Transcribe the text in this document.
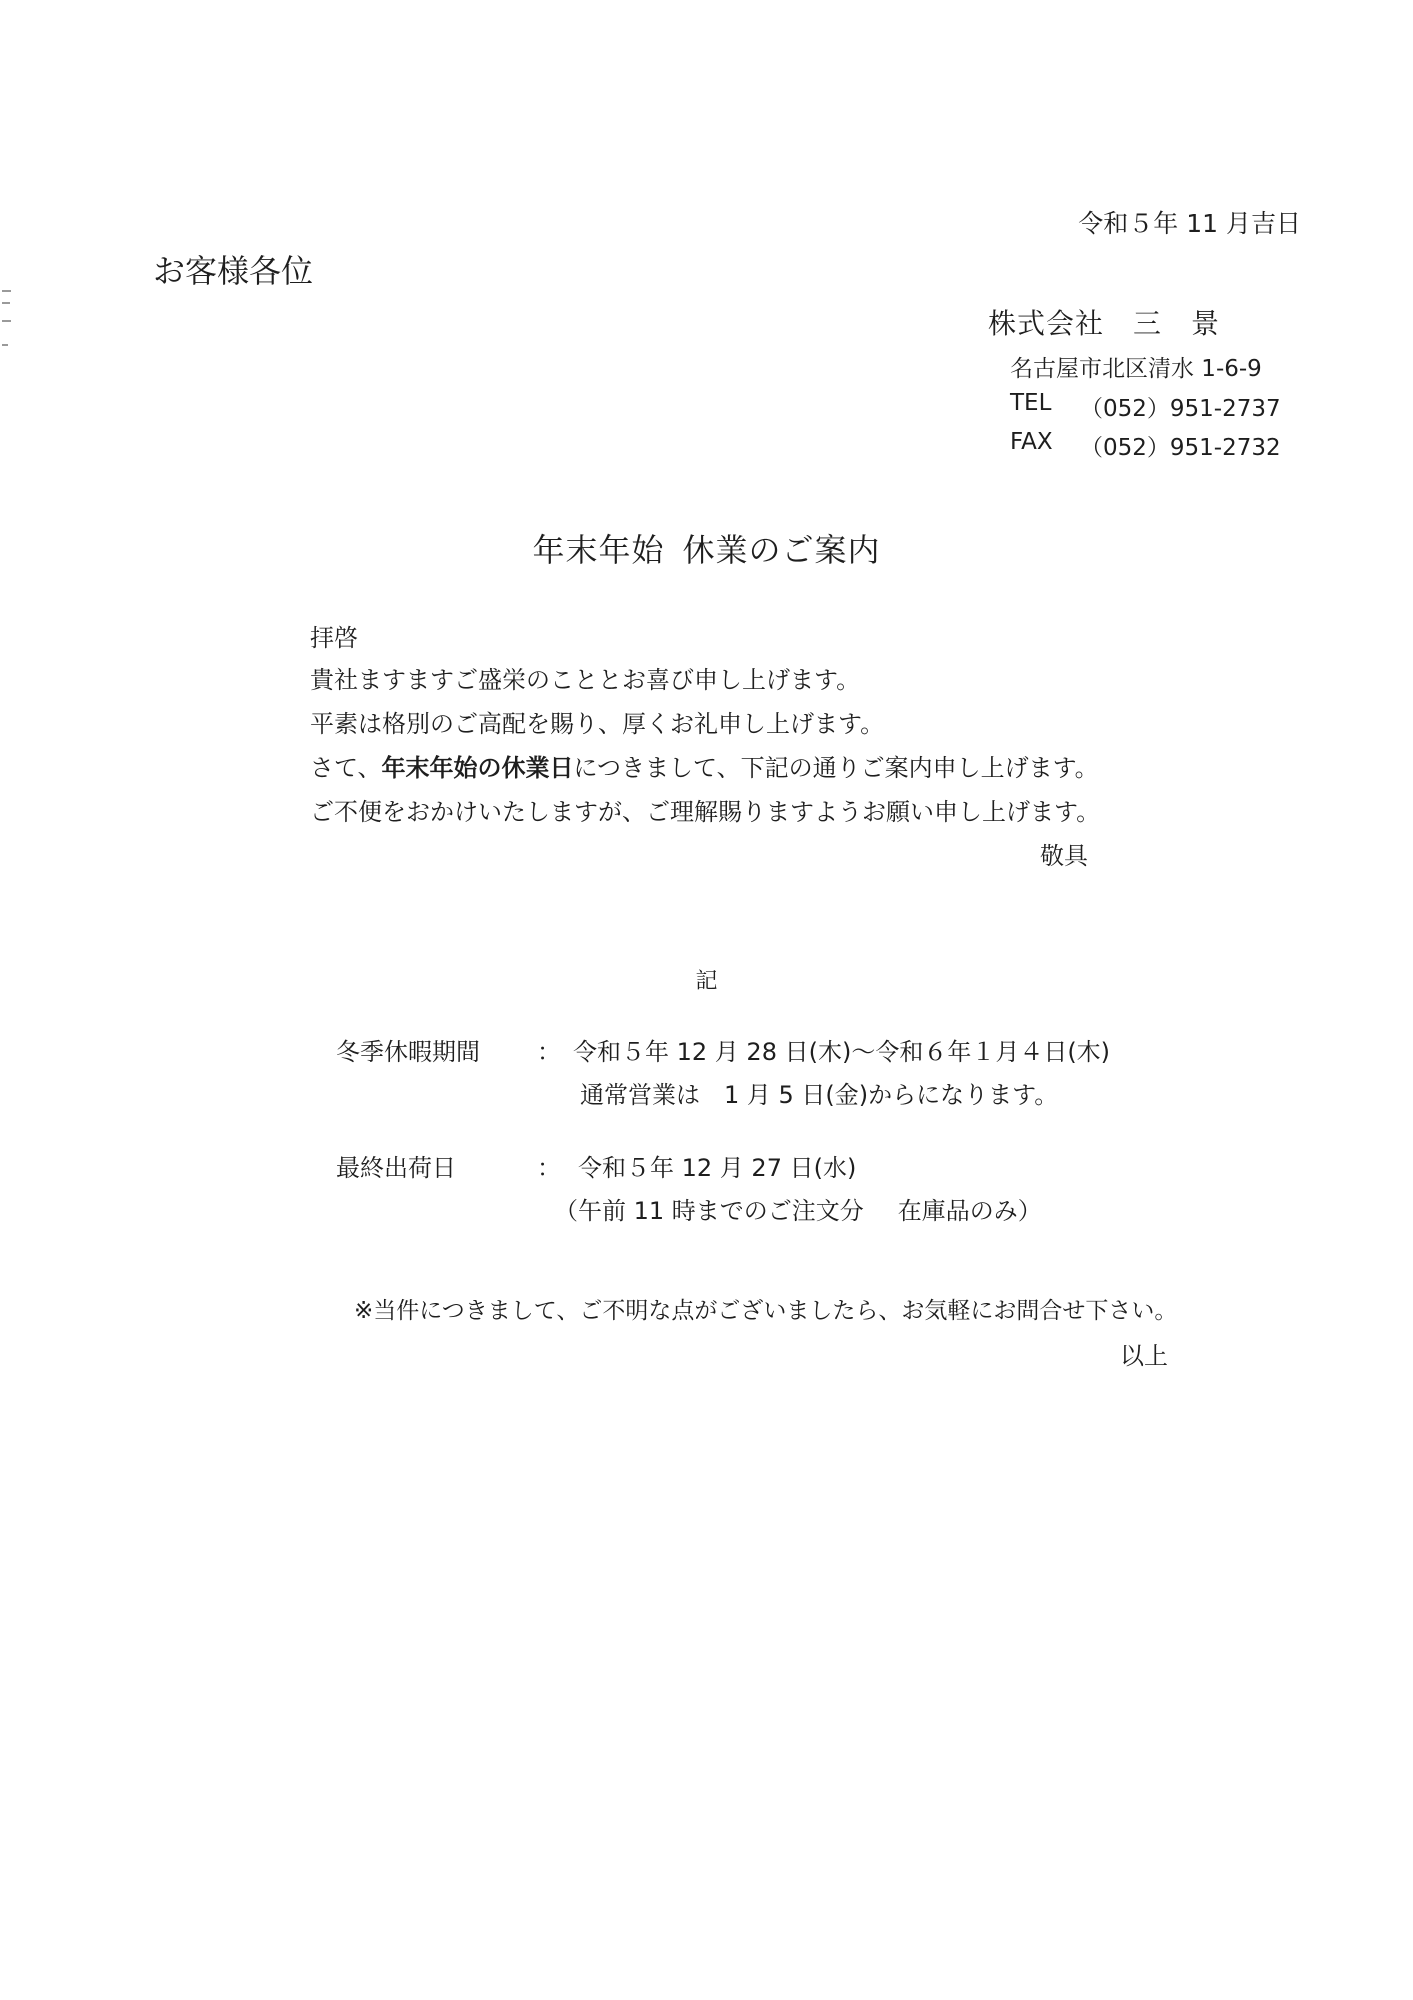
令和５年 11 月吉日
お客様各位
株式会社　三　景
名古屋市北区清水 1-6-9
TEL	（052）951-2737
FAX	（052）951-2732
年末年始 休業のご案内
拝啓
貴社ますますご盛栄のこととお喜び申し上げます。
平素は格別のご高配を賜り、厚くお礼申し上げます。
さて、年末年始の休業日につきまして、下記の通りご案内申し上げます。
ご不便をおかけいたしますが、ご理解賜りますようお願い申し上げます。
敬具
記
冬季休暇期間 ： 令和５年 12 月 28 日(木)～令和６年１月４日(木)
通常営業は　1 月 5 日(金)からになります。
最終出荷日	： 令和５年 12 月 27 日(水)
（午前 11 時までのご注文分 在庫品のみ）
※当件につきまして、ご不明な点がございましたら、お気軽にお問合せ下さい。
以上
